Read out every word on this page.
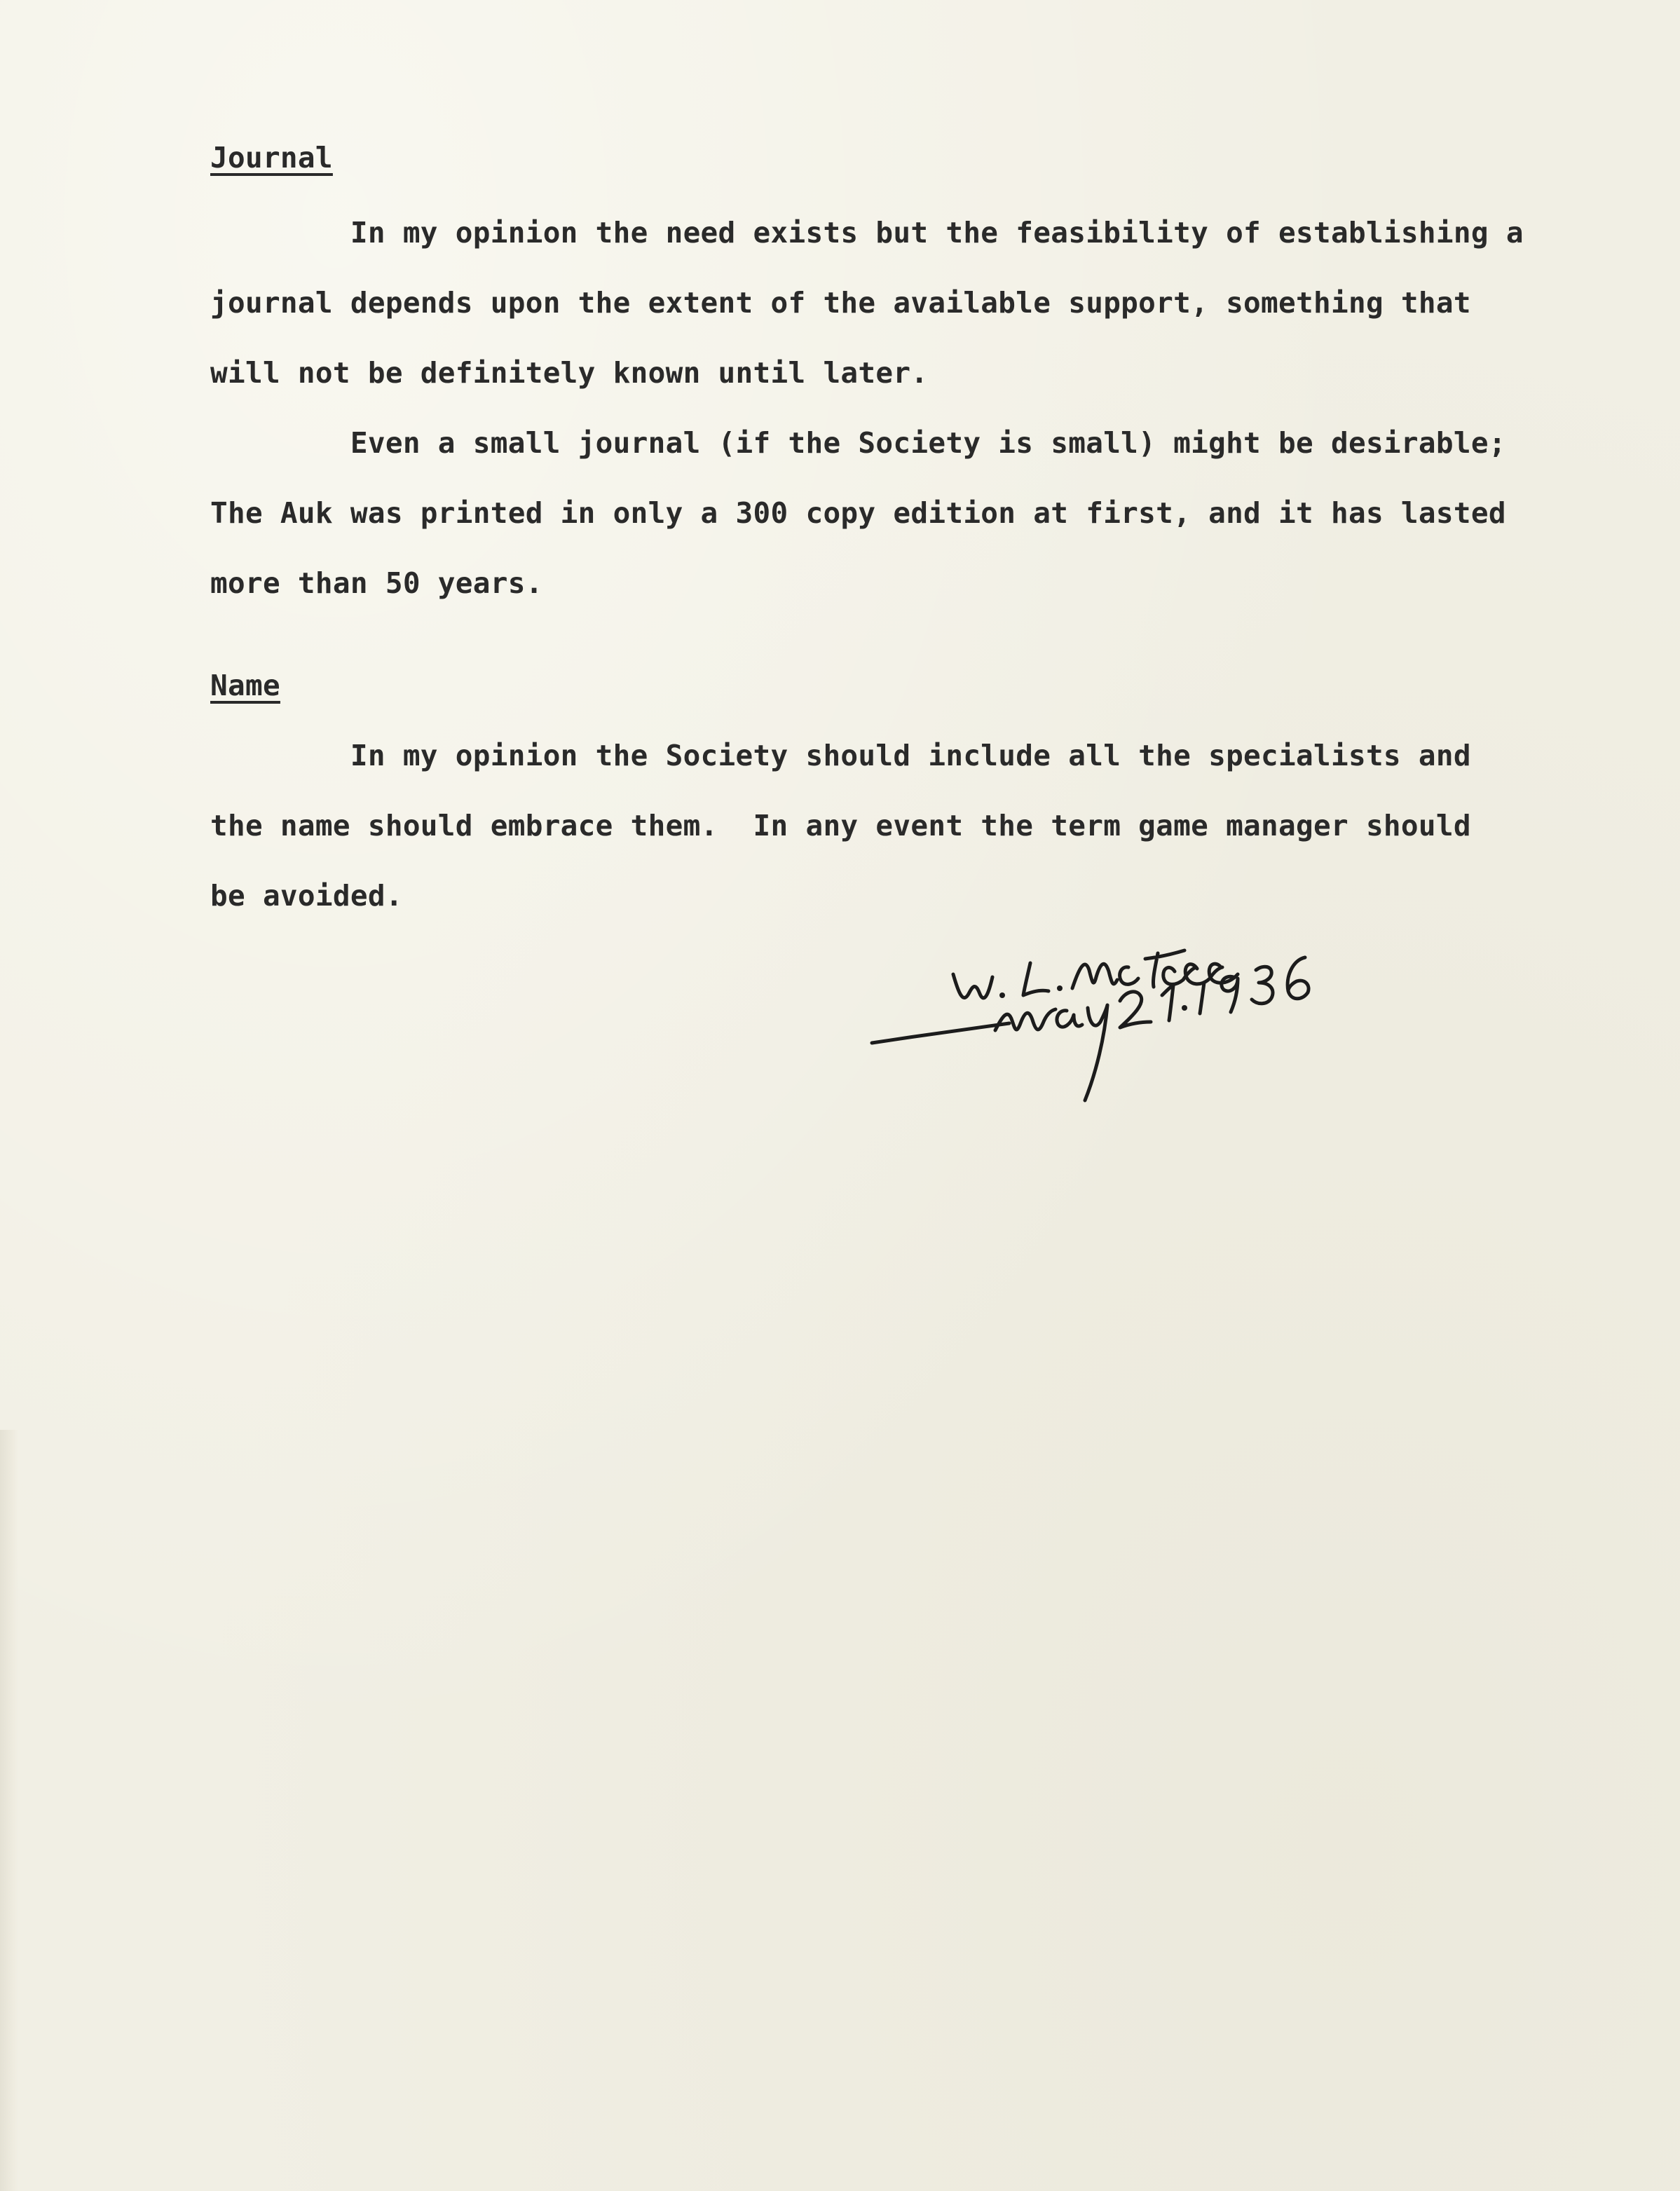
Journal

In my opinion the need exists but the feasibility of establishing a

journal depends upon the extent of the available support, something that

will not be definitely known until later.

Even a small journal (if the Society is small) might be desirable;

The Auk was printed in only a 300 copy edition at first, and it has lasted

more than 50 years.

Name

In my opinion the Society should include all the specialists and

the name should embrace them.  In any event the term game manager should

be avoided.
